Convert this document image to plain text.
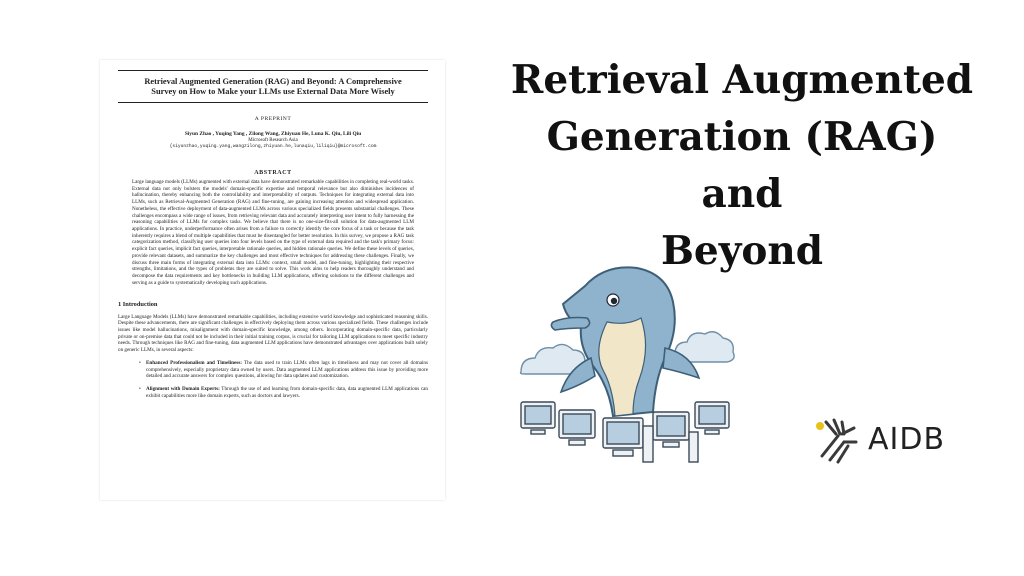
Retrieval Augmented Generation (RAG) and Beyond: A Comprehensive
Survey on How to Make your LLMs use External Data More Wisely
A PREPRINT
Siyun Zhao , Yuqing Yang , Zilong Wang, Zhiyuan He, Luna K. Qiu, Lili Qiu
Microsoft Research Asia
{siyunzhao,yuqing.yang,wangzilong,zhiyuan.he,lunaqiu,liliqiu}@microsoft.com
ABSTRACT
Large language models (LLMs) augmented with external data have demonstrated remarkable capabilities in completing real-world tasks. External data not only bolsters the models' domain-specific expertise and temporal relevance but also diminishes incidences of hallucination, thereby enhancing both the controllability and interpretability of outputs. Techniques for integrating external data into LLMs, such as Retrieval-Augmented Generation (RAG) and fine-tuning, are gaining increasing attention and widespread application. Nonetheless, the effective deployment of data-augmented LLMs across various specialized fields presents substantial challenges. These challenges encompass a wide range of issues, from retrieving relevant data and accurately interpreting user intent to fully harnessing the reasoning capabilities of LLMs for complex tasks. We believe that there is no one-size-fits-all solution for data-augmented LLM applications. In practice, underperformance often arises from a failure to correctly identify the core focus of a task or because the task inherently requires a blend of multiple capabilities that must be disentangled for better resolution. In this survey, we propose a RAG task categorization method, classifying user queries into four levels based on the type of external data required and the task's primary focus: explicit fact queries, implicit fact queries, interpretable rationale queries, and hidden rationale queries. We define these levels of queries, provide relevant datasets, and summarize the key challenges and most effective techniques for addressing these challenges. Finally, we discuss three main forms of integrating external data into LLMs: context, small model, and fine-tuning, highlighting their respective strengths, limitations, and the types of problems they are suited to solve. This work aims to help readers thoroughly understand and decompose the data requirements and key bottlenecks in building LLM applications, offering solutions to the different challenges and serving as a guide to systematically developing such applications.
1 Introduction
Large Language Models (LLMs) have demonstrated remarkable capabilities, including extensive world knowledge and sophisticated reasoning skills. Despite these advancements, there are significant challenges in effectively deploying them across various specialized fields. These challenges include issues like model hallucinations, misalignment with domain-specific knowledge, among others. Incorporating domain-specific data, particularly private or on-premise data that could not be included in their initial training corpus, is crucial for tailoring LLM applications to meet specific industry needs. Through techniques like RAG and fine-tuning, data augmented LLM applications have demonstrated advantages over applications built solely on generic LLMs, in several aspects:
• Enhanced Professionalism and Timeliness: The data used to train LLMs often lags in timeliness and may not cover all domains comprehensively, especially proprietary data owned by users. Data augmented LLM applications address this issue by providing more detailed and accurate answers for complex questions, allowing for data updates and customization.
• Alignment with Domain Experts: Through the use of and learning from domain-specific data, data augmented LLM applications can exhibit capabilities more like domain experts, such as doctors and lawyers.
Retrieval Augmented
Generation (RAG) and
Beyond
AIDB
